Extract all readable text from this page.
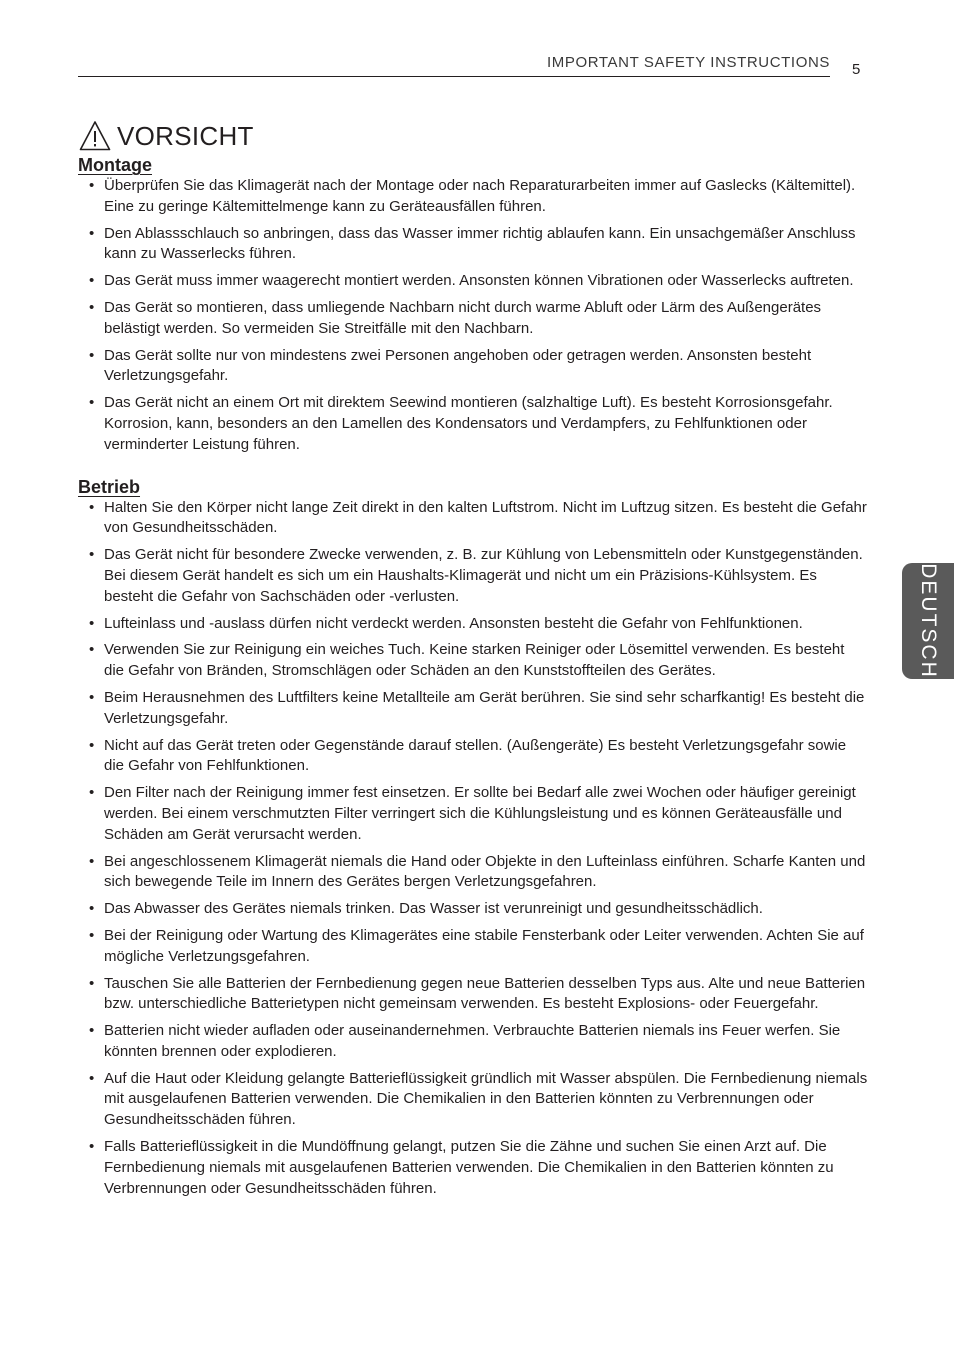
IMPORTANT SAFETY INSTRUCTIONS 5
DEUTSCH
VORSICHT
Montage
• Überprüfen Sie das Klimagerät nach der Montage oder nach Reparaturarbeiten immer auf Gaslecks (Kältemittel). Eine zu geringe Kältemittelmenge kann zu Geräteausfällen führen.
• Den Ablassschlauch so anbringen, dass das Wasser immer richtig ablaufen kann. Ein unsachgemäßer Anschluss kann zu Wasserlecks führen.
• Das Gerät muss immer waagerecht montiert werden. Ansonsten können Vibrationen oder Wasserlecks auftreten.
• Das Gerät so montieren, dass umliegende Nachbarn nicht durch warme Abluft oder Lärm des Außengerätes belästigt werden. So vermeiden Sie Streitfälle mit den Nachbarn.
• Das Gerät sollte nur von mindestens zwei Personen angehoben oder getragen werden. Ansonsten besteht Verletzungsgefahr.
• Das Gerät nicht an einem Ort mit direktem Seewind montieren (salzhaltige Luft). Es besteht Korrosionsgefahr. Korrosion, kann, besonders an den Lamellen des Kondensators und Verdampfers, zu Fehlfunktionen oder verminderter Leistung führen.
Betrieb
• Halten Sie den Körper nicht lange Zeit direkt in den kalten Luftstrom. Nicht im Luftzug sitzen. Es besteht die Gefahr von Gesundheitsschäden.
• Das Gerät nicht für besondere Zwecke verwenden, z. B. zur Kühlung von Lebensmitteln oder Kunstgegenständen. Bei diesem Gerät handelt es sich um ein Haushalts-Klimagerät und nicht um ein Präzisions-Kühlsystem. Es besteht die Gefahr von Sachschäden oder -verlusten.
• Lufteinlass und -auslass dürfen nicht verdeckt werden. Ansonsten besteht die Gefahr von Fehlfunktionen.
• Verwenden Sie zur Reinigung ein weiches Tuch. Keine starken Reiniger oder Lösemittel verwenden. Es besteht die Gefahr von Bränden, Stromschlägen oder Schäden an den Kunststoffteilen des Gerätes.
• Beim Herausnehmen des Luftfilters keine Metallteile am Gerät berühren. Sie sind sehr scharfkantig! Es besteht die Verletzungsgefahr.
• Nicht auf das Gerät treten oder Gegenstände darauf stellen. (Außengeräte) Es besteht Verletzungsgefahr sowie die Gefahr von Fehlfunktionen.
• Den Filter nach der Reinigung immer fest einsetzen. Er sollte bei Bedarf alle zwei Wochen oder häufiger gereinigt werden. Bei einem verschmutzten Filter verringert sich die Kühlungsleistung und es können Geräteausfälle und Schäden am Gerät verursacht werden.
• Bei angeschlossenem Klimagerät niemals die Hand oder Objekte in den Lufteinlass einführen. Scharfe Kanten und sich bewegende Teile im Innern des Gerätes bergen Verletzungsgefahren.
• Das Abwasser des Gerätes niemals trinken. Das Wasser ist verunreinigt und gesundheitsschädlich.
• Bei der Reinigung oder Wartung des Klimagerätes eine stabile Fensterbank oder Leiter verwenden. Achten Sie auf mögliche Verletzungsgefahren.
• Tauschen Sie alle Batterien der Fernbedienung gegen neue Batterien desselben Typs aus. Alte und neue Batterien bzw. unterschiedliche Batterietypen nicht gemeinsam verwenden. Es besteht Explosions- oder Feuergefahr.
• Batterien nicht wieder aufladen oder auseinandernehmen. Verbrauchte Batterien niemals ins Feuer werfen. Sie könnten brennen oder explodieren.
• Auf die Haut oder Kleidung gelangte Batterieflüssigkeit gründlich mit Wasser abspülen. Die Fernbedienung niemals mit ausgelaufenen Batterien verwenden. Die Chemikalien in den Batterien könnten zu Verbrennungen oder Gesundheitsschäden führen.
• Falls Batterieflüssigkeit in die Mundöffnung gelangt, putzen Sie die Zähne und suchen Sie einen Arzt auf. Die Fernbedienung niemals mit ausgelaufenen Batterien verwenden. Die Chemikalien in den Batterien könnten zu Verbrennungen oder Gesundheitsschäden führen.
